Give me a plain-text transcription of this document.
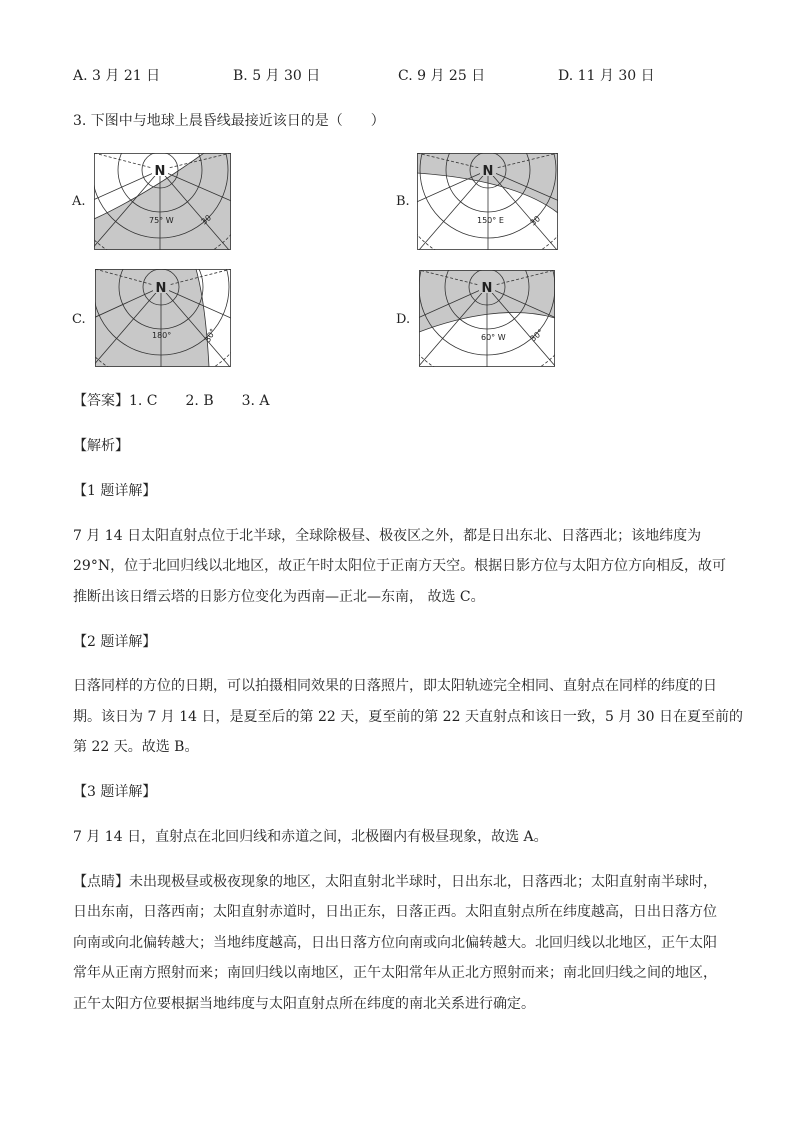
A. 3 月 21 日	B. 5 月 30 日	C. 9 月 25 日	D. 11 月 30 日
3. 下图中与地球上晨昏线最接近该日的是（　　）
A.	B.
C.	D.
N
75° W	30
N
150° E	30
N
180°	30°
N
60° W	30°
【答案】1. C　　2. B　　3. A
【解析】
【1 题详解】
7 月 14 日太阳直射点位于北半球，全球除极昼、极夜区之外，都是日出东北、日落西北；该地纬度为
29°N，位于北回归线以北地区，故正午时太阳位于正南方天空。根据日影方位与太阳方位方向相反，故可
推断出该日缙云塔的日影方位变化为西南—正北—东南， 故选 C。
【2 题详解】
日落同样的方位的日期，可以拍摄相同效果的日落照片，即太阳轨迹完全相同、直射点在同样的纬度的日
期。该日为 7 月 14 日，是夏至后的第 22 天，夏至前的第 22 天直射点和该日一致，5 月 30 日在夏至前的
第 22 天。故选 B。
【3 题详解】
7 月 14 日，直射点在北回归线和赤道之间，北极圈内有极昼现象，故选 A。
【点睛】未出现极昼或极夜现象的地区，太阳直射北半球时，日出东北，日落西北；太阳直射南半球时，
日出东南，日落西南；太阳直射赤道时，日出正东，日落正西。太阳直射点所在纬度越高，日出日落方位
向南或向北偏转越大；当地纬度越高，日出日落方位向南或向北偏转越大。北回归线以北地区，正午太阳
常年从正南方照射而来；南回归线以南地区，正午太阳常年从正北方照射而来；南北回归线之间的地区，
正午太阳方位要根据当地纬度与太阳直射点所在纬度的南北关系进行确定。
